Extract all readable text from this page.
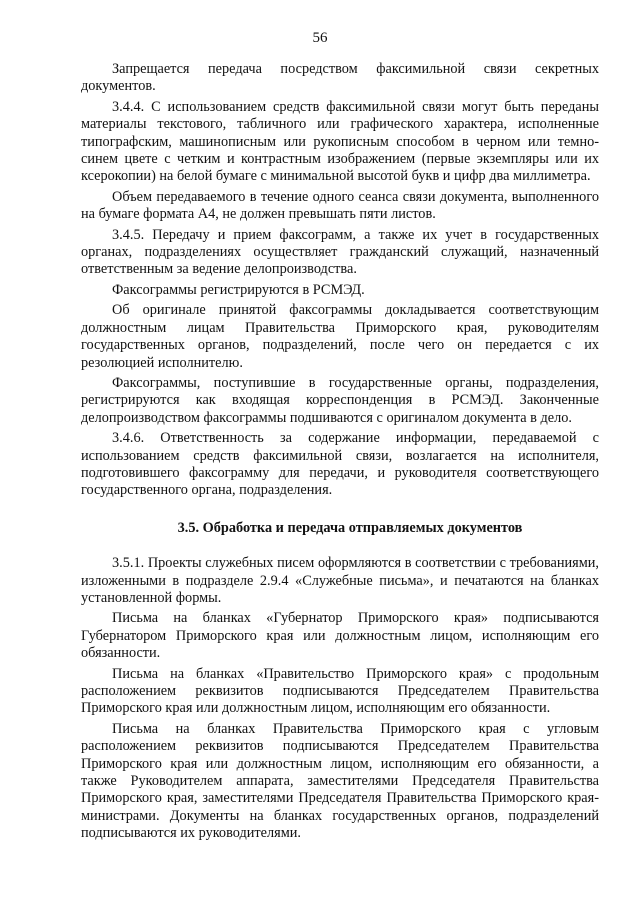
56

Запрещается передача посредством факсимильной связи секретных документов.

3.4.4. С использованием средств факсимильной связи могут быть переданы материалы текстового, табличного или графического характера, исполненные типографским, машинописным или рукописным способом в черном или темно-синем цвете с четким и контрастным изображением (первые экземпляры или их ксерокопии) на белой бумаге с минимальной высотой букв и цифр два миллиметра.

Объем передаваемого в течение одного сеанса связи документа, выполненного на бумаге формата А4, не должен превышать пяти листов.

3.4.5. Передачу и прием факсограмм, а также их учет в государственных органах, подразделениях осуществляет гражданский служащий, назначенный ответственным за ведение делопроизводства.

Факсограммы регистрируются в РСМЭД.

Об оригинале принятой факсограммы докладывается соответствующим должностным лицам Правительства Приморского края, руководителям государственных органов, подразделений, после чего он передается с их резолюцией исполнителю.

Факсограммы, поступившие в государственные органы, подразделения, регистрируются как входящая корреспонденция в РСМЭД. Законченные делопроизводством факсограммы подшиваются с оригиналом документа в дело.

3.4.6. Ответственность за содержание информации, передаваемой с использованием средств факсимильной связи, возлагается на исполнителя, подготовившего факсограмму для передачи, и руководителя соответствующего государственного органа, подразделения.

3.5. Обработка и передача отправляемых документов

3.5.1. Проекты служебных писем оформляются в соответствии с требованиями, изложенными в подразделе 2.9.4 «Служебные письма», и печатаются на бланках установленной формы.

Письма на бланках «Губернатор Приморского края» подписываются Губернатором Приморского края или должностным лицом, исполняющим его обязанности.

Письма на бланках «Правительство Приморского края» с продольным расположением реквизитов подписываются Председателем Правительства Приморского края или должностным лицом, исполняющим его обязанности.

Письма на бланках Правительства Приморского края с угловым расположением реквизитов подписываются Председателем Правительства Приморского края или должностным лицом, исполняющим его обязанности, а также Руководителем аппарата, заместителями Председателя Правительства Приморского края, заместителями Председателя Правительства Приморского края-министрами. Документы на бланках государственных органов, подразделений подписываются их руководителями.
